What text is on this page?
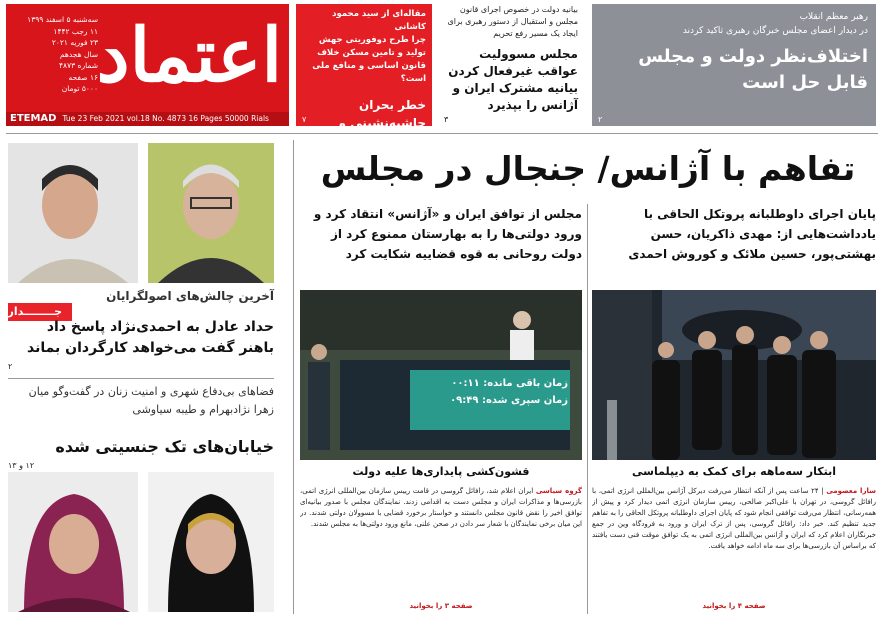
اعتماد
سه‌شنبه ۵ اسفند ۱۳۹۹
۱۱ رجب ۱۴۴۲
۲۳ فوریه ۲۰۲۱
سال هجدهم
شماره ۴۸۷۳
۱۶ صفحه
۵۰۰۰ تومان
ETEMAD Tue 23 Feb 2021 vol.18 No. 4873 16 Pages 50000 Rials
مقاله‌ای از سید محمود کاشانی
چرا طرح دوفوریتی جهش تولید و تامین مسکن خلاف قانون اساسی و منافع ملی است؟
خطر بحران حاشیه‌نشینی و کانون‌های بزهکاری
۷
بیانیه دولت در خصوص اجرای قانون مجلس و استقبال از دستور رهبری برای ایجاد یک مسیر رفع تحریم
مجلس مسوولیت عواقب غیرفعال کردن بیانیه مشترک ایران و آژانس را بپذیرد
۳
رهبر معظم انقلاب
در دیدار اعضای مجلس خبرگان رهبری تاکید کردند
اختلاف‌نظر دولت و مجلس قابل حل است
۲
تفاهم با آژانس/ جنجال در مجلس
پایان اجرای داوطلبانه پروتکل الحاقی با یادداشت‌هایی از: مهدی ذاکریان، حسن بهشتی‌پور، حسین ملائک و کوروش احمدی
مجلس از توافق ایران و «آژانس» انتقاد کرد و ورود دولتی‌ها را به بهارستان ممنوع کرد از دولت روحانی به قوه قضاییه شکایت کرد
زمان باقی مانده: ۰۰:۱۱
زمان سپری شده: ۰۹:۴۹
ابتکار سه‌ماهه برای کمک به دیپلماسی
قشون‌کشی پایداری‌ها علیه دولت
سارا معصومی | ۲۴ ساعت پس از آنکه انتظار می‌رفت دیرکل آژانس بین‌المللی انرژی اتمی، با رافائل گروسی، در تهران با علی‌اکبر صالحی، رییس سازمان انرژی اتمی دیدار کرد و پیش از همه‌رسانی، انتظار می‌رفت توافقی انجام شود که پایان اجرای داوطلبانه پروتکل الحاقی را به تفاهم جدید تنظیم کند. خبر داد: رافائل گروسی، پس از ترک ایران و ورود به فرودگاه وین در جمع خبرنگاران اعلام کرد که ایران و آژانس بین‌المللی انرژی اتمی به یک توافق موقت فنی دست یافتند که براساس آن بازرسی‌ها برای سه ماه ادامه خواهد یافت.
صفحه ۴ را بخوانید
گروه سیاسی ایران اعلام شد، رافائل گروسی در قامت رییس سازمان بین‌المللی انرژی اتمی، بازرسی‌ها و مذاکرات ایران و مجلس دست به اقدامی زدند. نمایندگان مجلس با صدور بیانیه‌ای توافق اخیر را نقض قانون مجلس دانستند و خواستار برخورد قضایی با مسوولان دولتی شدند. در این میان برخی نمایندگان با شعار سر دادن در صحن علنی، مانع ورود دولتی‌ها به مجلس شدند.
صفحه ۳ را بخوانید
آخرین چالش‌های اصولگرایان
جــــــــدار
حداد عادل به احمدی‌نژاد پاسخ داد باهنر گفت می‌خواهد کارگردان بماند
۲
فضاهای بی‌دفاع شهری و امنیت زنان در گفت‌وگو میان زهرا نژادبهرام و طیبه سیاوشی
خیابان‌های تک جنسیتی شده
۱۲ و ۱۳
